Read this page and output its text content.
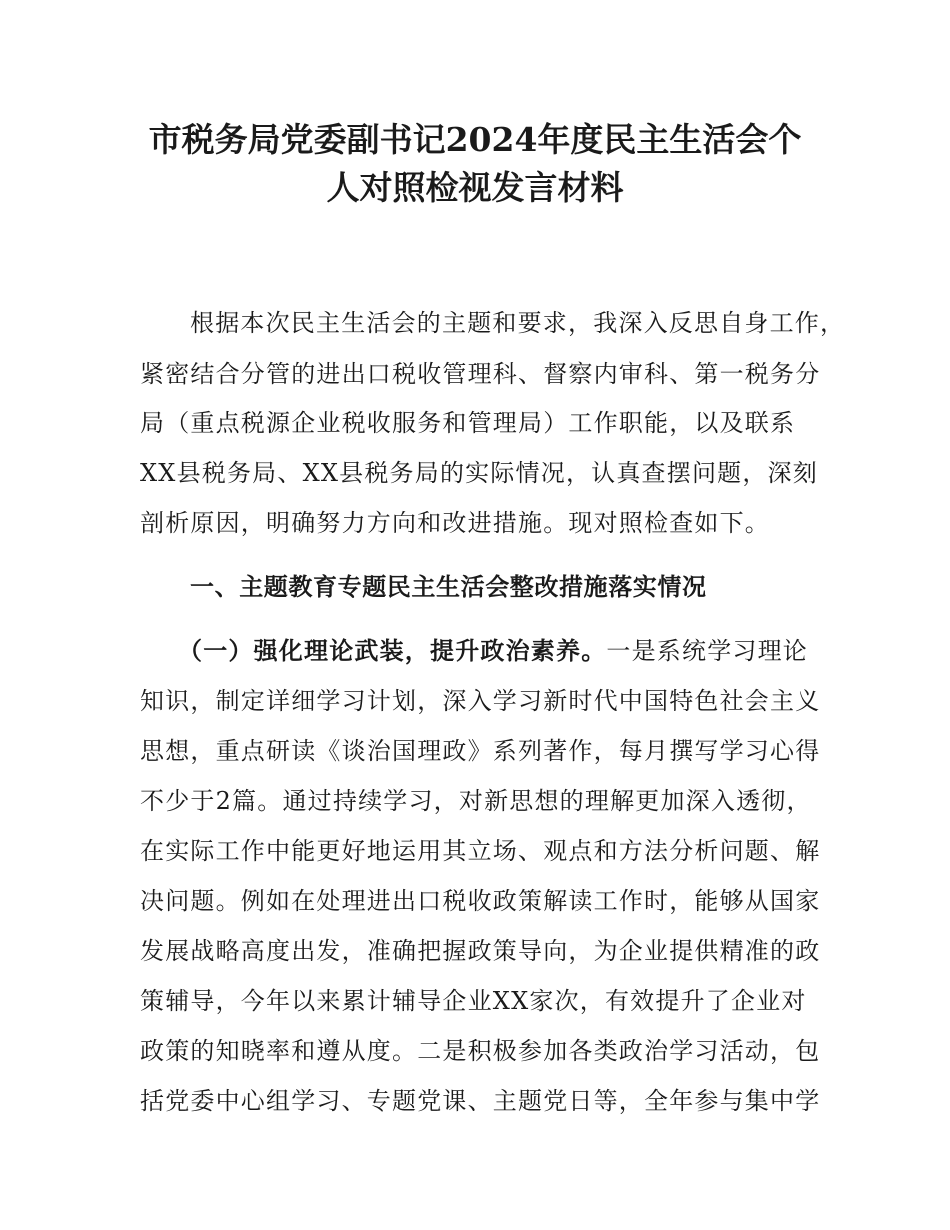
市税务局党委副书记2024年度民主生活会个
人对照检视发言材料

根据本次民主生活会的主题和要求，我深入反思自身工作，

紧密结合分管的进出口税收管理科、督察内审科、第一税务分

局（重点税源企业税收服务和管理局）工作职能，以及联系

XX县税务局、XX县税务局的实际情况，认真查摆问题，深刻

剖析原因，明确努力方向和改进措施。现对照检查如下。

一、主题教育专题民主生活会整改措施落实情况

（一）强化理论武装，提升政治素养。一是系统学习理论

知识，制定详细学习计划，深入学习新时代中国特色社会主义

思想，重点研读《谈治国理政》系列著作，每月撰写学习心得

不少于2篇。通过持续学习，对新思想的理解更加深入透彻，

在实际工作中能更好地运用其立场、观点和方法分析问题、解

决问题。例如在处理进出口税收政策解读工作时，能够从国家

发展战略高度出发，准确把握政策导向，为企业提供精准的政

策辅导，今年以来累计辅导企业XX家次，有效提升了企业对

政策的知晓率和遵从度。二是积极参加各类政治学习活动，包

括党委中心组学习、专题党课、主题党日等，全年参与集中学
